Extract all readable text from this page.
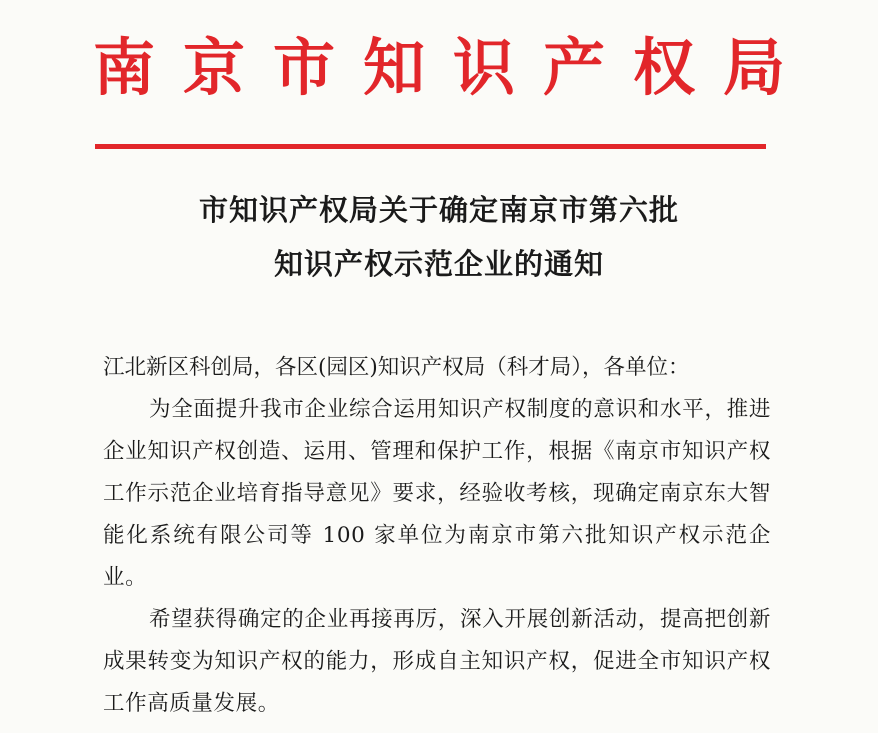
南京市知识产权局
市知识产权局关于确定南京市第六批
知识产权示范企业的通知

江北新区科创局，各区(园区)知识产权局（科才局），各单位：

为全面提升我市企业综合运用知识产权制度的意识和水平，推进企业知识产权创造、运用、管理和保护工作，根据《南京市知识产权工作示范企业培育指导意见》要求，经验收考核，现确定南京东大智能化系统有限公司等 100 家单位为南京市第六批知识产权示范企业。

希望获得确定的企业再接再厉，深入开展创新活动，提高把创新成果转变为知识产权的能力，形成自主知识产权，促进全市知识产权工作高质量发展。
